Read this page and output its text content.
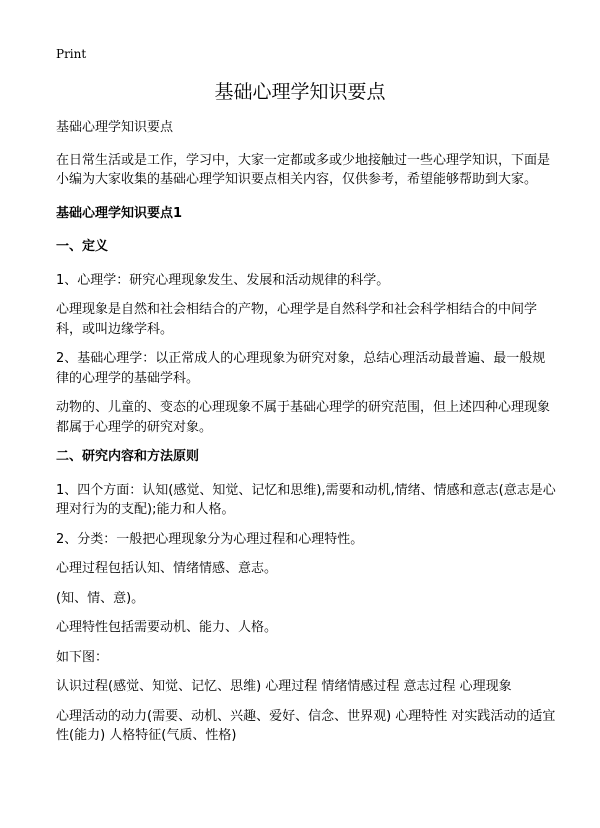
Print
基础心理学知识要点

基础心理学知识要点

在日常生活或是工作，学习中，大家一定都或多或少地接触过一些心理学知识，下面是小编为大家收集的基础心理学知识要点相关内容，仅供参考，希望能够帮助到大家。

基础心理学知识要点1

一、定义

1、心理学：研究心理现象发生、发展和活动规律的科学。

心理现象是自然和社会相结合的产物，心理学是自然科学和社会科学相结合的中间学科，或叫边缘学科。

2、基础心理学：以正常成人的心理现象为研究对象，总结心理活动最普遍、最一般规律的心理学的基础学科。

动物的、儿童的、变态的心理现象不属于基础心理学的研究范围，但上述四种心理现象都属于心理学的研究对象。

二、研究内容和方法原则

1、四个方面：认知(感觉、知觉、记忆和思维),需要和动机,情绪、情感和意志(意志是心理对行为的支配);能力和人格。

2、分类：一般把心理现象分为心理过程和心理特性。

心理过程包括认知、情绪情感、意志。

(知、情、意)。

心理特性包括需要动机、能力、人格。

如下图：

认识过程(感觉、知觉、记忆、思维) 心理过程 情绪情感过程 意志过程 心理现象

心理活动的动力(需要、动机、兴趣、爱好、信念、世界观) 心理特性 对实践活动的适宜性(能力) 人格特征(气质、性格)
